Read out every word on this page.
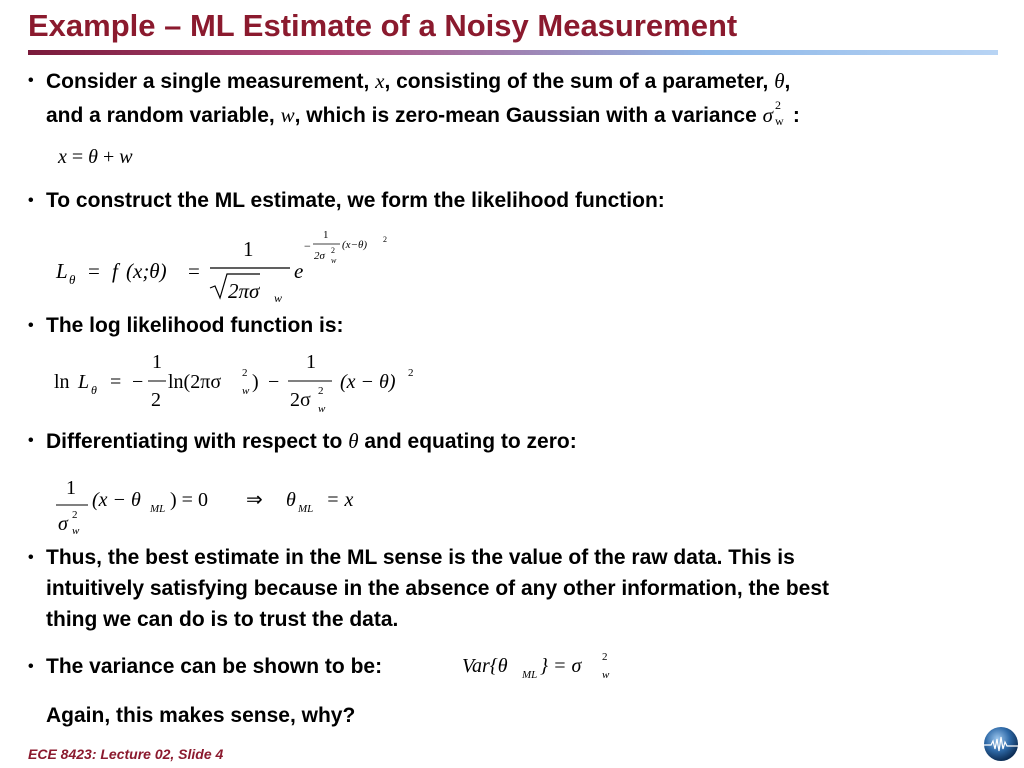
Example – ML Estimate of a Noisy Measurement
• Consider a single measurement, x, consisting of the sum of a parameter, θ,
and a random variable, w, which is zero-mean Gaussian with a variance σ 2
w :
x = θ + w
• To construct the ML estimate, we form the likelihood function:
L θ = f (x;θ) =
1
2πσ w
e
−
1
2σ 2
w
(x−θ) 2
• The log likelihood function is:
ln L θ = −
1
2
ln(2πσ 2
w ) −
1
2σ 2
w
(x − θ) 2
• Differentiating with respect to θ and equating to zero:
1
σ 2
w
(x − θ ML ) = 0 ⇒ θ ML = x
• Thus, the best estimate in the ML sense is the value of the raw data. This is
intuitively satisfying because in the absence of any other information, the best
thing we can do is to trust the data.
• The variance can be shown to be:	Var{θ ML } = σ 2
w
Again, this makes sense, why?
ECE 8423: Lecture 02, Slide 4
